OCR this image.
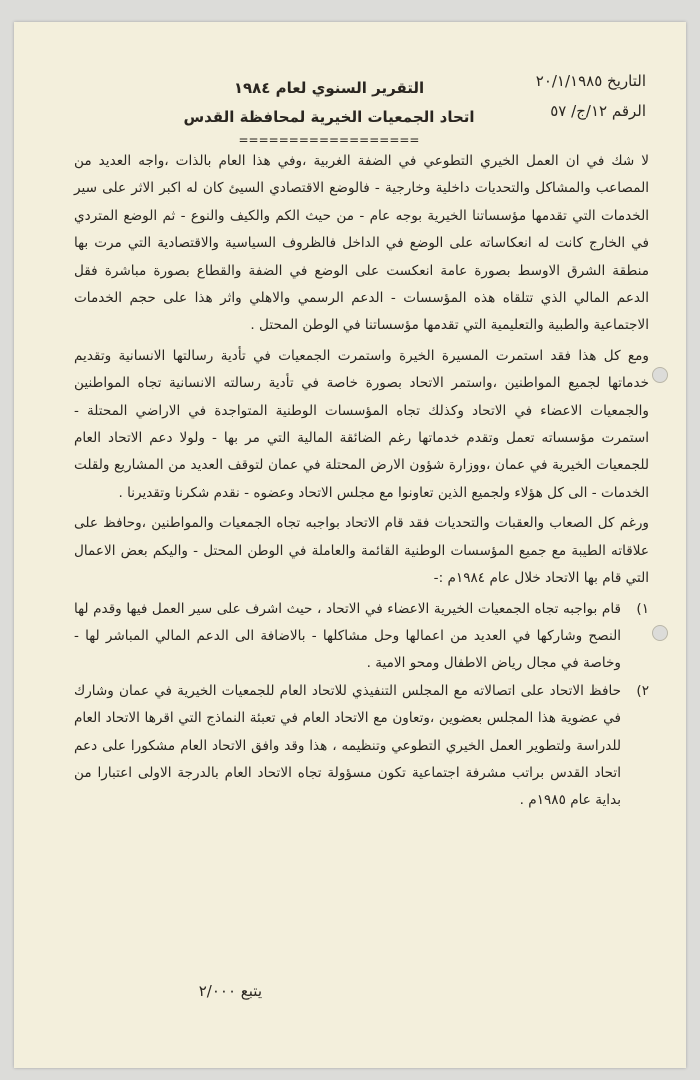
التاريخ ٢٠/١/١٩٨٥
الرقم ١٢/ج/ ٥٧
التقرير السنوي لعام ١٩٨٤
اتحاد الجمعيات الخيرية لمحافظة القدس
==================

لا شك في ان العمل الخيري التطوعي في الضفة الغربية ،وفي هذا العام بالذات ،واجه العديد من المصاعب والمشاكل والتحديات داخلية وخارجية - فالوضع الاقتصادي السيئ كان له اكبر الاثر على سير الخدمات التي تقدمها مؤسساتنا الخيرية بوجه عام - من حيث الكم والكيف والنوع - ثم الوضع المتردي في الخارج كانت له انعكاساته على الوضع في الداخل فالظروف السياسية والاقتصادية التي مرت بها منطقة الشرق الاوسط بصورة عامة انعكست على الوضع في الضفة والقطاع بصورة مباشرة فقل الدعم المالي الذي تتلقاه هذه المؤسسات - الدعم الرسمي والاهلي واثر هذا على حجم الخدمات الاجتماعية والطبية والتعليمية التي تقدمها مؤسساتنا في الوطن المحتل .

ومع كل هذا فقد استمرت المسيرة الخيرة واستمرت الجمعيات في تأدية رسالتها الانسانية وتقديم خدماتها لجميع المواطنين ،واستمر الاتحاد بصورة خاصة في تأدية رسالته الانسانية تجاه المواطنين والجمعيات الاعضاء في الاتحاد وكذلك تجاه المؤسسات الوطنية المتواجدة في الاراضي المحتلة - استمرت مؤسساته تعمل وتقدم خدماتها رغم الضائقة المالية التي مر بها - ولولا دعم الاتحاد العام للجمعيات الخيرية في عمان ،ووزارة شؤون الارض المحتلة في عمان لتوقف العديد من المشاريع ولقلت الخدمات - الى كل هؤلاء ولجميع الذين تعاونوا مع مجلس الاتحاد وعضوه - نقدم شكرنا وتقديرنا .

ورغم كل الصعاب والعقبات والتحديات فقد قام الاتحاد بواجبه تجاه الجمعيات والمواطنين ،وحافظ على علاقاته الطيبة مع جميع المؤسسات الوطنية القائمة والعاملة في الوطن المحتل - واليكم بعض الاعمال التي قام بها الاتحاد خلال عام ١٩٨٤م :-

١)
قام بواجبه تجاه الجمعيات الخيرية الاعضاء في الاتحاد ، حيث اشرف على سير العمل فيها وقدم لها النصح وشاركها في العديد من اعمالها وحل مشاكلها - بالاضافة الى الدعم المالي المباشر لها - وخاصة في مجال رياض الاطفال ومحو الامية .
٢)
حافظ الاتحاد على اتصالاته مع المجلس التنفيذي للاتحاد العام للجمعيات الخيرية في عمان وشارك في عضوية هذا المجلس بعضوين ،وتعاون مع الاتحاد العام في تعبئة النماذج التي اقرها الاتحاد العام للدراسة ولتطوير العمل الخيري التطوعي وتنظيمه ، هذا وقد وافق الاتحاد العام مشكورا على دعم اتحاد القدس براتب مشرفة اجتماعية تكون مسؤولة تجاه الاتحاد العام بالدرجة الاولى اعتبارا من بداية عام ١٩٨٥م .
يتبع ٢/٠٠٠
